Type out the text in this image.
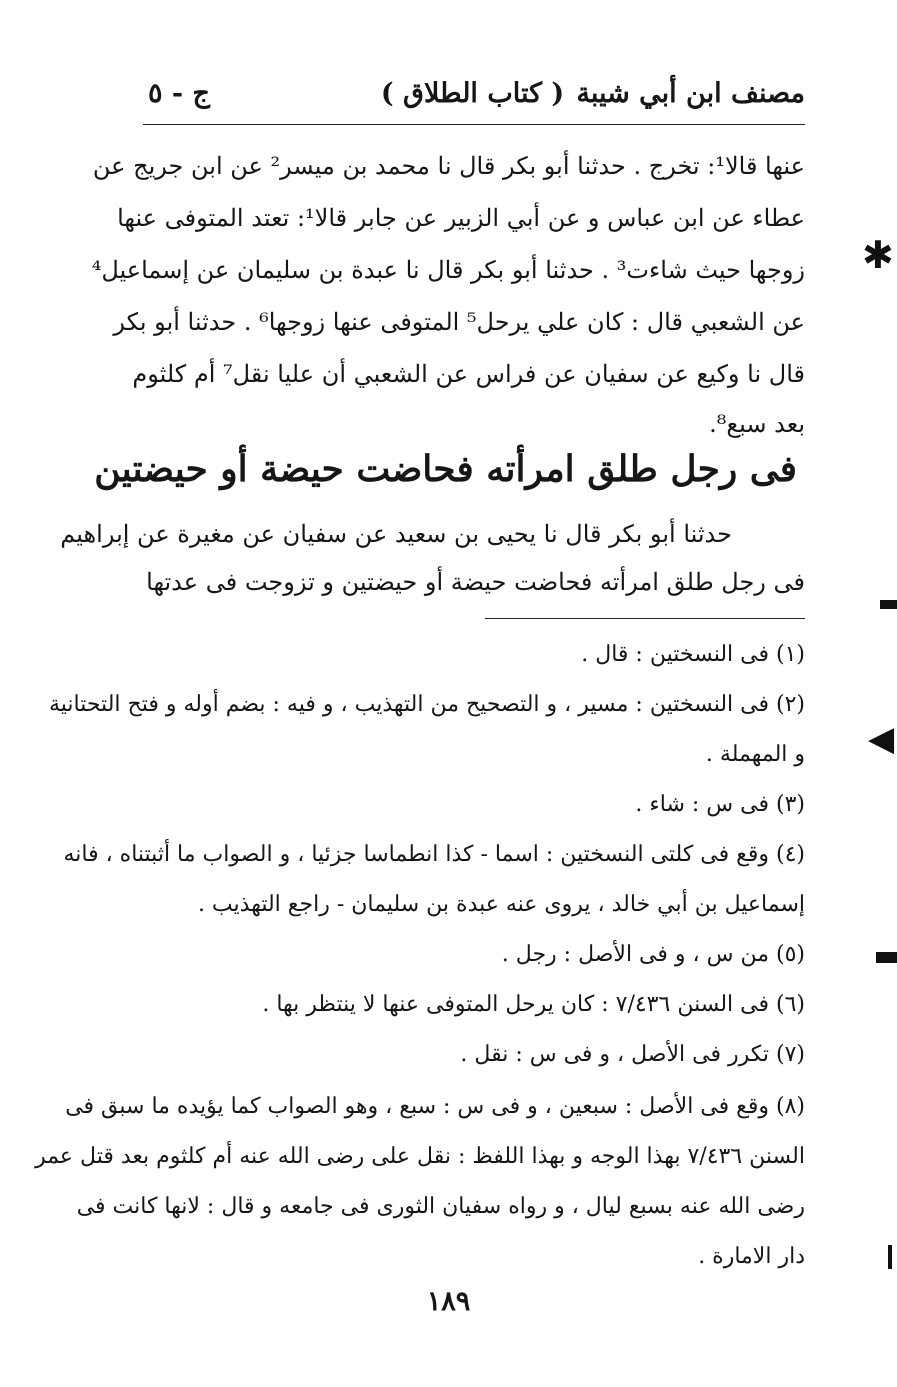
مصنف ابن أبي شيبة
( كتاب الطلاق )
ج - ٥
عنها قالا¹: تخرج . حدثنا أبو بكر قال نا محمد بن ميسر² عن ابن جريج عن
عطاء عن ابن عباس و عن أبي الزبير عن جابر قالا¹: تعتد المتوفى عنها
زوجها حيث شاءت³ . حدثنا أبو بكر قال نا عبدة بن سليمان عن إسماعيل⁴
عن الشعبي قال : كان علي يرحل⁵ المتوفى عنها زوجها⁶ . حدثنا أبو بكر
قال نا وكيع عن سفيان عن فراس عن الشعبي أن عليا نقل⁷ أم كلثوم
بعد سبع⁸.
فى رجل طلق امرأته فحاضت حيضة أو حيضتين
حدثنا أبو بكر قال نا يحيى بن سعيد عن سفيان عن مغيرة عن إبراهيم
فى رجل طلق امرأته فحاضت حيضة أو حيضتين و تزوجت فى عدتها
(١) فى النسختين : قال .
(٢) فى النسختين : مسير ، و التصحيح من التهذيب ، و فيه : بضم أوله و فتح التحتانية
و المهملة .
(٣) فى س : شاء .
(٤) وقع فى كلتى النسختين : اسما - كذا انطماسا جزئيا ، و الصواب ما أثبتناه ، فانه
إسماعيل بن أبي خالد ، يروى عنه عبدة بن سليمان - راجع التهذيب .
(٥) من س ، و فى الأصل : رجل .
(٦) فى السنن ٧/٤٣٦ : كان يرحل المتوفى عنها لا ينتظر بها .
(٧) تكرر فى الأصل ، و فى س : نقل .
(٨) وقع فى الأصل : سبعين ، و فى س : سبع ، وهو الصواب كما يؤيده ما سبق فى
السنن ٧/٤٣٦ بهذا الوجه و بهذا اللفظ : نقل على رضى الله عنه أم كلثوم بعد قتل عمر
رضى الله عنه بسبع ليال ، و رواه سفيان الثورى فى جامعه و قال : لانها كانت فى
دار الامارة .
١٨٩
✱
◀
